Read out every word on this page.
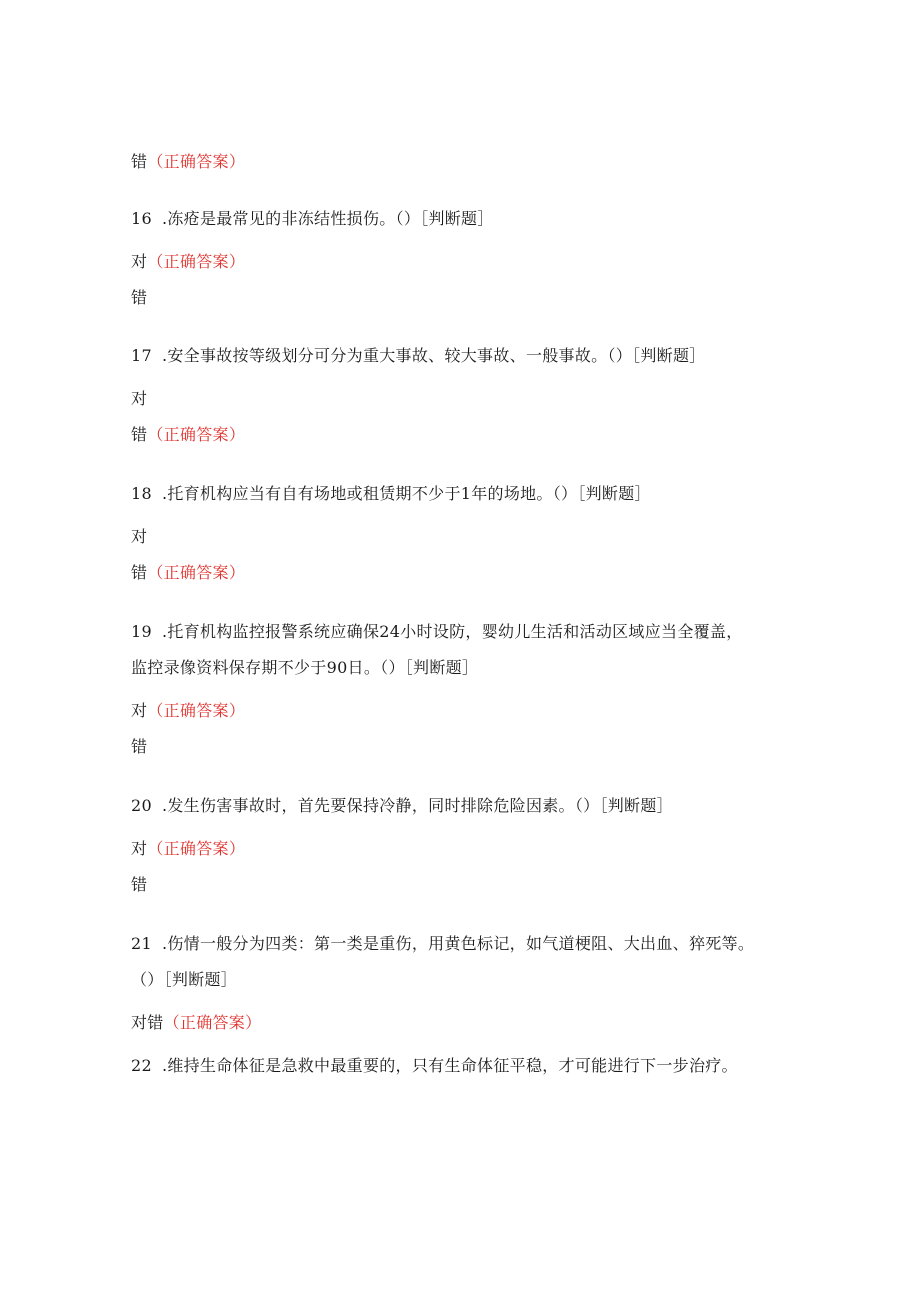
错（正确答案）
16 .冻疮是最常见的非冻结性损伤。（）［判断题］
对（正确答案）
错
17 .安全事故按等级划分可分为重大事故、较大事故、一般事故。（）［判断题］
对
错（正确答案）
18 .托育机构应当有自有场地或租赁期不少于1年的场地。（）［判断题］
对
错（正确答案）
19 .托育机构监控报警系统应确保24小时设防，婴幼儿生活和活动区域应当全覆盖，
监控录像资料保存期不少于90日。（）［判断题］
对（正确答案）
错
20 .发生伤害事故时，首先要保持冷静，同时排除危险因素。（）［判断题］
对（正确答案）
错
21 .伤情一般分为四类：第一类是重伤，用黄色标记，如气道梗阻、大出血、猝死等。
（）［判断题］
对错（正确答案）
22 .维持生命体征是急救中最重要的，只有生命体征平稳，才可能进行下一步治疗。
